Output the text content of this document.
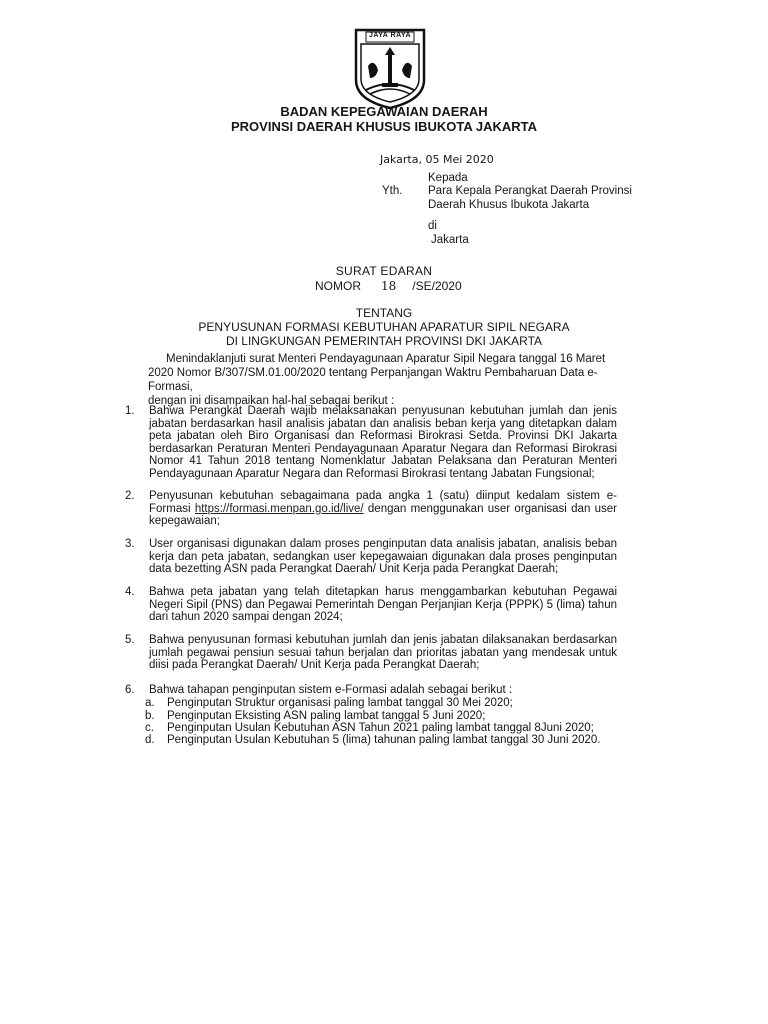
JAYA RAYA
BADAN KEPEGAWAIAN DAERAH
PROVINSI DAERAH KHUSUS IBUKOTA JAKARTA
Jakarta, 05 Mei 2020
Kepada
Yth. Para Kepala Perangkat Daerah Provinsi
Daerah Khusus Ibukota Jakarta
di
Jakarta
SURAT EDARAN
NOMOR 18 /SE/2020
TENTANG
PENYUSUNAN FORMASI KEBUTUHAN APARATUR SIPIL NEGARA
DI LINGKUNGAN PEMERINTAH PROVINSI DKI JAKARTA
Menindaklanjuti surat Menteri Pendayagunaan Aparatur Sipil Negara tanggal 16 Maret
2020 Nomor B/307/SM.01.00/2020 tentang Perpanjangan Waktru Pembaharuan Data e-Formasi,
dengan ini disampaikan hal-hal sebagai berikut :
1. Bahwa Perangkat Daerah wajib melaksanakan penyusunan kebutuhan jumlah dan jenis jabatan berdasarkan hasil analisis jabatan dan analisis beban kerja yang ditetapkan dalam peta jabatan oleh Biro Organisasi dan Reformasi Birokrasi Setda. Provinsi DKI Jakarta berdasarkan Peraturan Menteri Pendayagunaan Aparatur Negara dan Reformasi Birokrasi Nomor 41 Tahun 2018 tentang Nomenklatur Jabatan Pelaksana dan Peraturan Menteri Pendayagunaan Aparatur Negara dan Reformasi Birokrasi tentang Jabatan Fungsional;
2. Penyusunan kebutuhan sebagaimana pada angka 1 (satu) diinput kedalam sistem e-Formasi https://formasi.menpan.go.id/live/ dengan menggunakan user organisasi dan user kepegawaian;
3. User organisasi digunakan dalam proses penginputan data analisis jabatan, analisis beban kerja dan peta jabatan, sedangkan user kepegawaian digunakan dala proses penginputan data bezetting ASN pada Perangkat Daerah/ Unit Kerja pada Perangkat Daerah;
4. Bahwa peta jabatan yang telah ditetapkan harus menggambarkan kebutuhan Pegawai Negeri Sipil (PNS) dan Pegawai Pemerintah Dengan Perjanjian Kerja (PPPK) 5 (lima) tahun dari tahun 2020 sampai dengan 2024;
5. Bahwa penyusunan formasi kebutuhan jumlah dan jenis jabatan dilaksanakan berdasarkan jumlah pegawai pensiun sesuai tahun berjalan dan prioritas jabatan yang mendesak untuk diisi pada Perangkat Daerah/ Unit Kerja pada Perangkat Daerah;
6. Bahwa tahapan penginputan sistem e-Formasi adalah sebagai berikut :
a. Penginputan Struktur organisasi paling lambat tanggal 30 Mei 2020;
b. Penginputan Eksisting ASN paling lambat tanggal 5 Juni 2020;
c. Penginputan Usulan Kebutuhan ASN Tahun 2021 paling lambat tanggal 8Juni 2020;
d. Penginputan Usulan Kebutuhan 5 (lima) tahunan paling lambat tanggal 30 Juni 2020.
